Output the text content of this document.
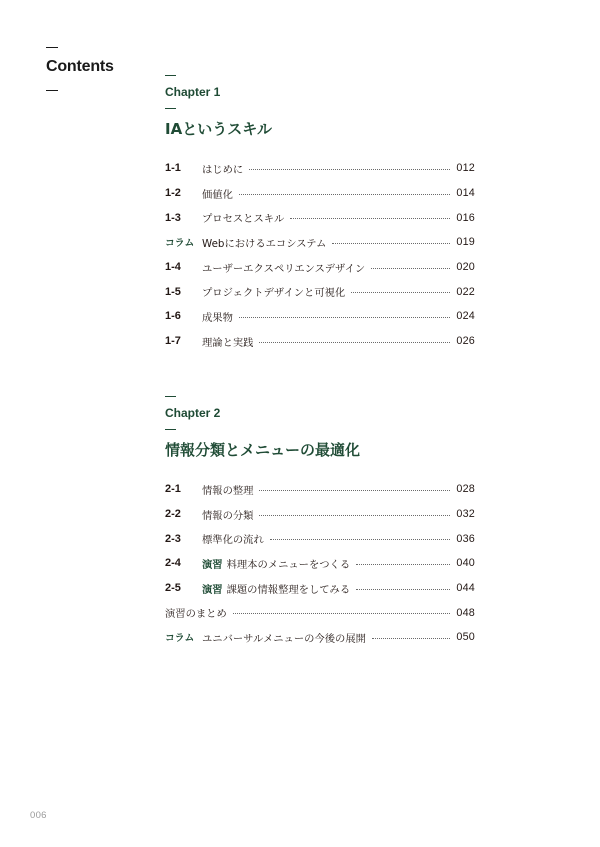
Contents
Chapter 1
IAというスキル
1-1	はじめに	012
1-2	価値化	014
1-3	プロセスとスキル	016
コラム Webにおけるエコシステム	019
1-4	ユーザーエクスペリエンスデザイン	020
1-5	プロジェクトデザインと可視化	022
1-6	成果物	024
1-7	理論と実践	026
Chapter 2
情報分類とメニューの最適化
2-1	情報の整理	028
2-2	情報の分類	032
2-3	標準化の流れ	036
2-4	演習 料理本のメニューをつくる	040
2-5	演習 課題の情報整理をしてみる	044
演習のまとめ	048
コラム ユニバーサルメニューの今後の展開	050

006
